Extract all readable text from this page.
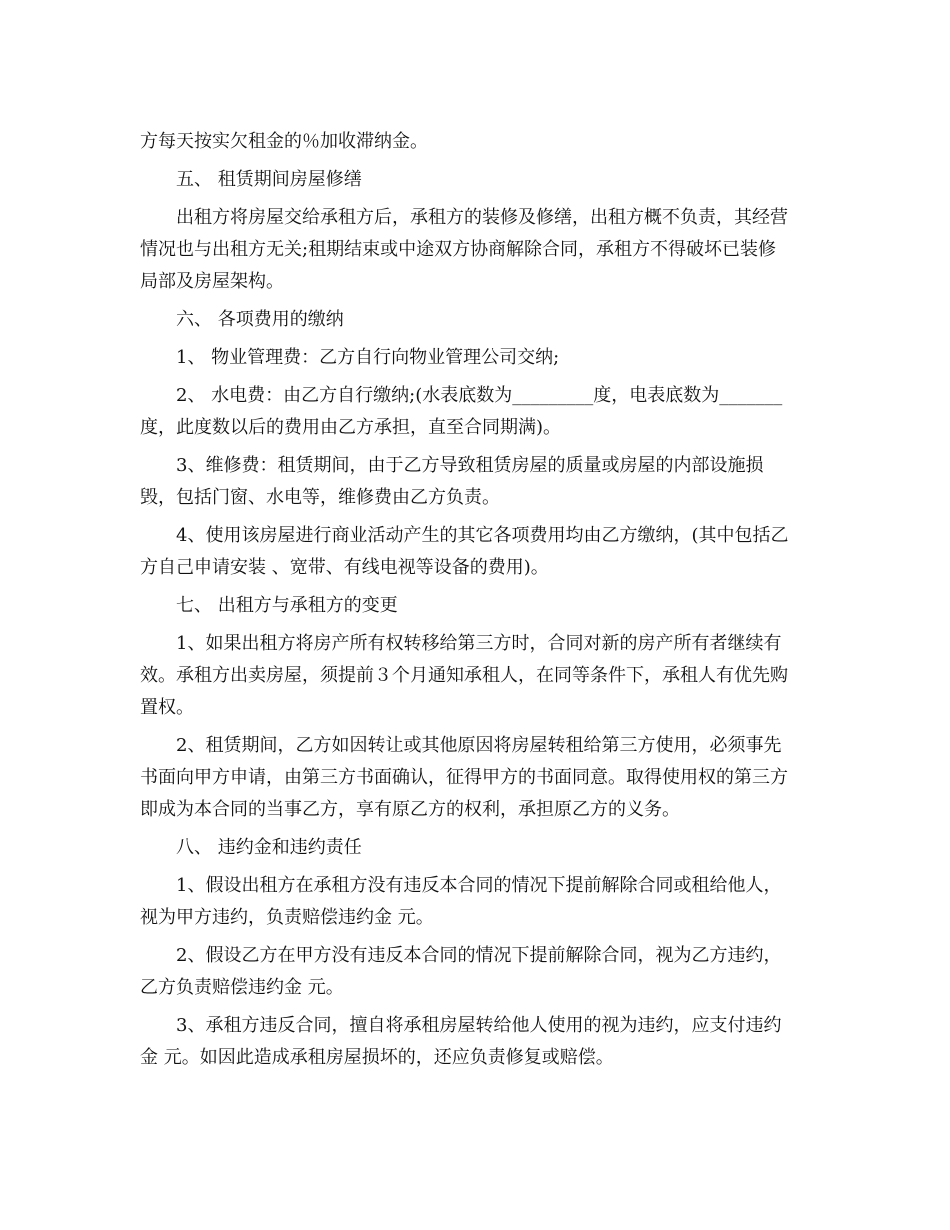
方每天按实欠租金的％加收滞纳金。
五、 租赁期间房屋修缮
出租方将房屋交给承租方后，承租方的装修及修缮，出租方概不负责，其经营
情况也与出租方无关;租期结束或中途双方协商解除合同，承租方不得破坏已装修
局部及房屋架构。
六、 各项费用的缴纳
1、 物业管理费：乙方自行向物业管理公司交纳;
2、 水电费：由乙方自行缴纳;(水表底数为_________度，电表底数为_______
度，此度数以后的费用由乙方承担，直至合同期满)。
3、维修费：租赁期间，由于乙方导致租赁房屋的质量或房屋的内部设施损
毁，包括门窗、水电等，维修费由乙方负责。
4、使用该房屋进行商业活动产生的其它各项费用均由乙方缴纳，(其中包括乙
方自己申请安装 、宽带、有线电视等设备的费用)。
七、 出租方与承租方的变更
1、如果出租方将房产所有权转移给第三方时，合同对新的房产所有者继续有
效。承租方出卖房屋，须提前３个月通知承租人，在同等条件下，承租人有优先购
置权。
2、租赁期间，乙方如因转让或其他原因将房屋转租给第三方使用，必须事先
书面向甲方申请，由第三方书面确认，征得甲方的书面同意。取得使用权的第三方
即成为本合同的当事乙方，享有原乙方的权利，承担原乙方的义务。
八、 违约金和违约责任
1、假设出租方在承租方没有违反本合同的情况下提前解除合同或租给他人，
视为甲方违约，负责赔偿违约金 元。
2、假设乙方在甲方没有违反本合同的情况下提前解除合同，视为乙方违约，
乙方负责赔偿违约金 元。
3、承租方违反合同，擅自将承租房屋转给他人使用的视为违约，应支付违约
金 元。如因此造成承租房屋损坏的，还应负责修复或赔偿。
